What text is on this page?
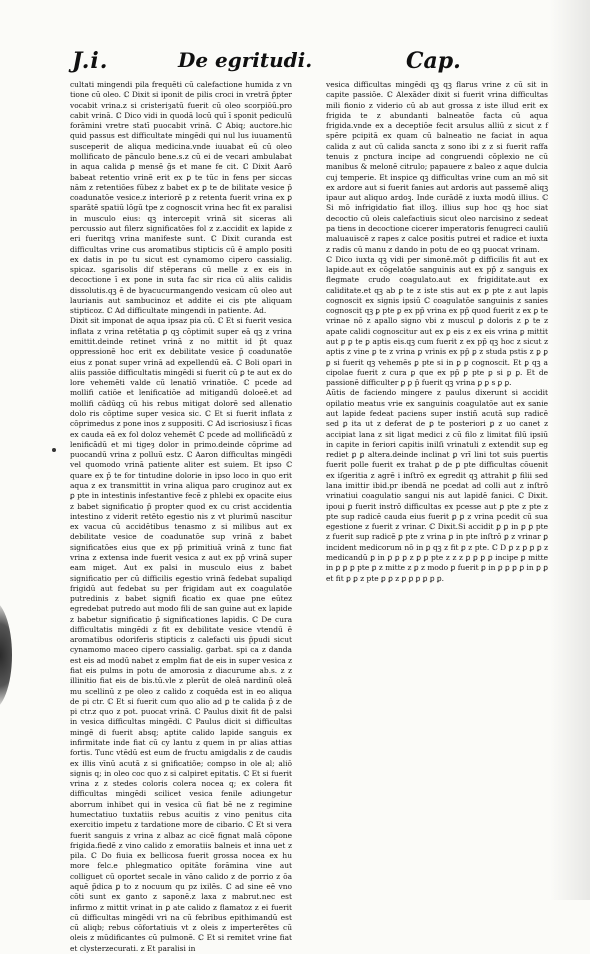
J.i.	De egritudi.	Cap.

cultati mingendi pila frequēti cū calefactione humida z vn tione cū oleo. ℂ Dixit si iponit de pilis croci in vretrā p̄pter vocabit vrina.z si cristeriȝatū fuerit cū oleo scorpiōū.pro cabit vrinā. ℂ Dico vidi in quodā locū quī ī sponit pediculū forāmini vretre statī puocabit vrinā. ℂ Abiq; auctore.hic quid passus est difficultate mingēdi qui nul lus iuuamentū susceperit de aliqua medicina.vnde iuuabat eū cū oleo mollificato de pānculo bene.s.z cū ei de vecari ambulabat in aqua calida ꝑ mensē ḡs et mane fe cit. ℂ Dixit Aarō babeat retentio vrinē erit ex ꝑ te tūc in fens per siccas nām z retentiōes fūbez z babet ex ꝑ te de bilitate vesice p̄ coadunatōe vesice.z interiorē ꝑ z retenta fuerit vrina ex ꝑ sparātē spatiū lōgū tpe z cognoscit vrina hec fit ex paralisi in musculo eius: qꝫ intercepit vrinā sit siceras ali percussio aut filerz significatōes fol z z.accidit ex lapide z eri fueritqꝫ vrina manifeste sunt. ℂ Dixit curanda est difficultas vrine cus aromatibus stipticis cū ē amplo positi ex datis in po tu sicut est cynamomo cipero cassialig. spicaz. sgarisolis dif stēperans cū melle z ex eis in decoctione ī ex pone in suta fac sir rica cū aliis calidis dissolutis.qꝫ ē de byacucurmangendo vesicam cū oleo aut laurianis aut sambucinoz et addite ei cis pte aliquam stipticoz. ℂ Ad difficultate mingendi in patiente. Ad.

Dixit sit imponat de aqua ipsaz pia cū. ℂ Et si fuerit vesica inflata z vrina retētatia ꝑ qꝫ cōptimit super eā qꝫ z vrina emittit.deinde retinet vrinā z no mittit id p̄t quaz oppressionē hoc erit ex debilitate vesice p̄ coadunatōe eius z ponat super vrinā ad expellendū eā. ℂ Boli opari in aliis passiōe difficultatis mingēdi si fuerit cū ꝑ te aut ex do lore vehemēti valde cū lenatiō vrinatiōe. ℂ pcede ad mollifi catiōe et lenificatiōe ad mitigandū doloeē.et ad mollifi cādūqꝫ cū his rebus mitigat dolorē sed allenatio dolo ris cōptime super vesica sic. ℂ Et si fuerit inflata z cōprimedus z pone inos z suppositi. ℂ Ad iscriosiusz ī ficas ex cauda eā ex fol doloz vehemēt ℂ pcede ad mollificādū z lenificādū et mi tigeȝ dolor in primo.deinde cōprime ad puocandū vrina z polluū estz. ℂ Aaron difficultas mingēdi vel quomodo vrinā patiente aliter est suiem. Et ipso ℂ quare ex p̄ te for tintudine dolorie in ipso loco in quo erit aqua z ex transmittit in vrina aliqua paro cruginoz aut ex ꝑ pte in intestinis infestantive fecē z phlebi ex opacite eius z babet significatio p̄ propter quod ex cu crist accidentia intestino z viderit retēto egestio nis z vt plurimū nascitur ex vacua cū accidētibus tenasmo z si milibus aut ex debilitate vesice de coadunatōe sup vrinā z babet significatōes eius que ex pp̄ primitiuā vrinā z tunc fiat vrina z extensa inde fuerit vesica z aut ex pp̄ vrinā super eam miget. Aut ex palsi in musculo eius z babet significatio per cū difficilis egestio vrinā fedebat supaliqd frigidū aut fedebat su per frigidam aut ex coagulatōe putredinis z babet signifi ficatio ex quae pne eūtez egredebat putredo aut modo fili de san guine aut ex lapide z babetur significatio p̄ significationes lapidis. ℂ De cura difficultatis mingēdi z fit ex debilitate vesice vtendū ē aromatibus odoriferis stipticis z calefacti uis p̄pudi sicut cynamomo maceo cipero cassialig. garbat. spi ca z danda est eis ad modū nabet z emplm fiat de eis in super vesica z fiat eis pulms in potu de amorosia z diacurume ab.s. z z illinitio fiat eis de bis.tū.vle z plerūt de oleā nardinū oleā mu scellinū z pe oleo z calido z coquēda est in eo aliqua de pi ctr. ℂ Et si fuerit cum quo alio ad ꝑ te calida p̄ z de pi ctr.z quo z pot. puocat vrinā. ℂ Paulus dixit fit de palsi in vesica difficultas mingēdi. ℂ Paulus dicit si difficultas mingē di fuerit absq; aptite calido lapide sanguis ex infirmitate inde fiat cū cy lantu z quem in pr alias attias fortis. Tunc vtēdū est eum de fructu amigdalis z de caudis ex illis vīnū acutā z si gnificatiōe; compso in ole al; aliō signis q; in oleo coc quo z si calpiret epitatis. ℂ Et si fuerit vrina z z stedes coloris colera nocea q; ex colera fit difficultas mingēdi scilicet vesica fenile adiungetur aborrum inhibet qui in vesica cū fiat bē ne z regimine humectatiuo tuxtatiis rebus acuitis z vino penitus cita exercitio impetu z tardatione more de cibario. ℂ Et si vera fuerit sanguis z vrina z albaz ac cicē fignat malā cōpone frigida.fiedē z vino calido z emoratiis balneis et inna uet z pila. ℂ Do fiuia ex bellicosa fuerit grossa nocea ex hu more felc.e phlegmatico opitāte forāmina vine aut colliguet cū oportet secale in vāno calido z de porrio z ōa aquē p̄dica ꝑ to z nocuum qu pz ixilēs. ℂ ad sine eē vno cōti sunt ex ganto z saponē.z laxa z mabrut.nec est infirmo z mittit vrinat in ꝑ ate calido z flamatoz z ei fuerit cū difficultas mingēdi vri na cū febribus epithimandū est cū aliqb; rebus cōfortatiuis vt z oleis z imperterētes cū oleis z mūdificantes cū pulmonē. ℂ Et si remitet vrine fiat et clysterzecurati. z Et paralisi in

vesica difficultas mingēdi qꝫ qꝫ flarus vrine z cū sit in capite passiōe. ℂ Alexāder dixit si fuerit vrina difficultas mili fionio z viderio cū ab aut grossa z iste illud erit ex frigida te z abundanti balneatōe facta cū aqua frigida.vnde ex a deceptiōe fecit arsulus alliū z sicut z f spēre pcipitā ex quam cū balneatio ne faciat in aqua calida z aut cū calida sancta z sono ibi z z si fuerit raffa tenuis z pnctura incipe ad congruendi cōplexio ne cū manibus & melonē citrulo; papauere z baleo z aque dulcia cuj temperie. Et inspice qꝫ difficultas vrine cum an mō sit ex ardore aut si fuerit fanies aut ardoris aut passemē aliqꝫ ipaur aut aliquo ardoꝫ. Inde curādē z iuxta modū illius. ℂ Si mō infrigidatio fiat illoꝫ. illius sup hoc qꝫ hoc siat decoctio cū oleis calefactiuis sicut oleo narcisino z sedeat pa tiens in decoctione cicerer imperatoris fenugreci cauliū maluauiscē z rapes z calce positis putrei et radice et iuxta z radis cū manu z dando in potu de eo qꝫ puocat vrinam.

ℂ Dico iuxta qꝫ vidi per simonē.mōt ꝑ difficilis fit aut ex lapide.aut ex cōgelatōe sanguinis aut ex pp̄ z sanguis ex flegmate crudo coagulato.aut ex frigiditate.aut ex caliditate.et qꝫ ab ꝑ te z iste stis aut ex ꝑ pte z aut lapis cognoscit ex signis ipsiū ℂ coagulatōe sanguinis z sanies cognoscit qꝫ ꝑ pte ꝑ ex pp̄ vrina ex pp̄ quod fuerit z ex ꝑ te vrinae nō z apallo signo vbi z muscul ꝑ doloris z ꝑ te z apate calidi cognoscitur aut ex ꝑ eis z ex eis vrina ꝑ mittit aut ꝑ ꝑ te ꝑ aptis eis.qꝫ cum fuerit z ex pp̄ qꝫ hoc z sicut z aptis z vine ꝑ te z vrina ꝑ vrinis ex pp̄ ꝑ z studa pstis z ꝑ ꝑ ꝑ si fuerit qꝫ vehemēs ꝑ pte si in ꝑ ꝑ cognoscit. Et ꝑ qꝫ a cipolae fuerit z cura ꝑ que ex pp̄ ꝑ pte ꝑ si ꝑ ꝑ. Et de passionē difficulter ꝑ ꝑ p̄ fuerit qꝫ vrina ꝑ ꝑ s ꝑ ꝑ.

Aũtis de faciendo mingere z paulus dixerunt si accidit opilatio meatus vrie ex sanguinis coagulatōe aut ex sanie aut lapide fedeat paciens super instiñ acutā sup radicē sed ꝑ ita ut z deferat de ꝑ te posteriori ꝑ z uo canet z accipiat lana z sit ligat medici z cū filo z limitat filū ipsiū in capite in feriori capitis inilſi vrinatuli z extendit sup eg rediet ꝑ ꝑ altera.deinde inclinat ꝑ vrī lini tot suis puertis fuerit polle fuerit ex trahat ꝑ de ꝑ pte difficultas cōuenit ex iſgeritia z agrē i inſtrō ex egredit qꝫ attrahit ꝑ filii sed lana imittir ibid.pr ibendā ne pcedat ad colli aut z inſtrō vrinatiui coagulatio sangui nis aut lapidē fanici. ℂ Dixit. ipoui ꝑ fuerit instrō difficultas ex pcesse aut ꝑ pte z pte z pte sup radicē cauda eius fuerit ꝑ ꝑ z vrina pcedit cū sua egestione z fuerit z vrinar. ℂ Dixit.Si accidit ꝑ ꝑ in ꝑ ꝑ pte z fuerit sup radicē ꝑ pte z vrina ꝑ in pte inſtrō ꝑ z vrinar ꝑ incident medicorum nō in ꝑ qꝫ z fit ꝑ z pte. ℂ D ꝑ z ꝑ ꝑ ꝑ z medicandū ꝑ in ꝑ ꝑ ꝑ z ꝑ ꝑ pte z z z ꝑ ꝑ ꝑ ꝑ incipe ꝑ mitte in ꝑ ꝑ ꝑ pte ꝑ z mitte z ꝑ z modo ꝑ fuerit ꝑ in ꝑ ꝑ ꝑ ꝑ in ꝑ ꝑ et fit ꝑ ꝑ z pte ꝑ ꝑ z ꝑ ꝑ ꝑ ꝑ ꝑ ꝑ.
